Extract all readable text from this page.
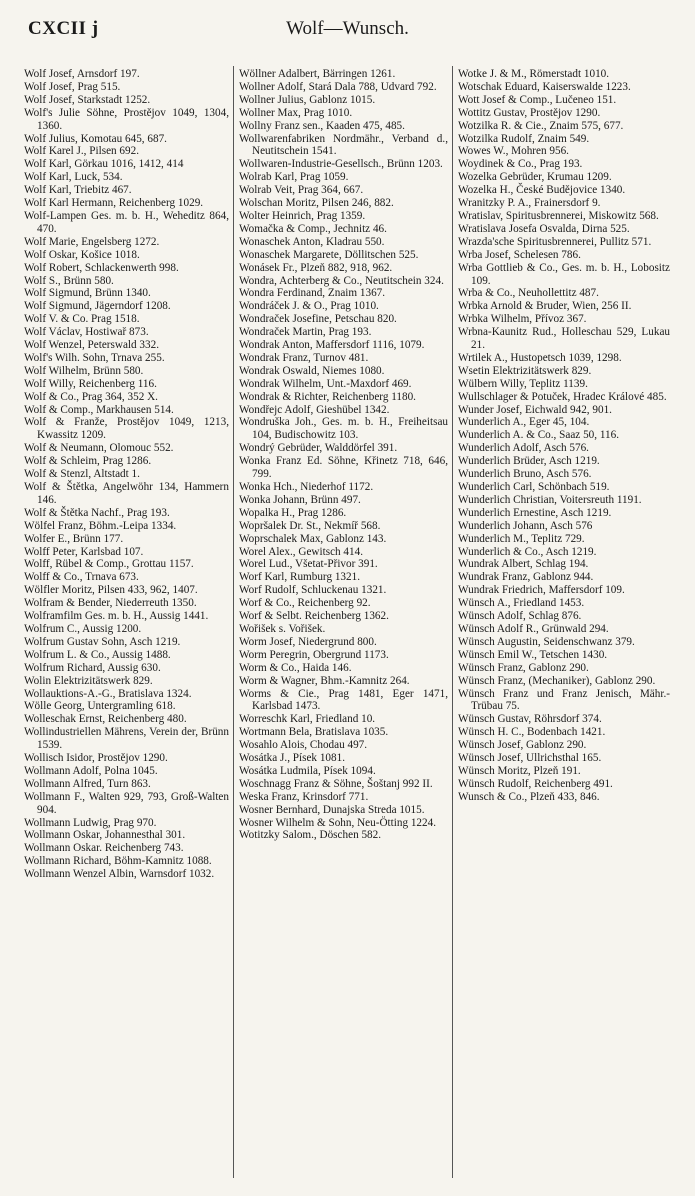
CXCII j	Wolf—Wunsch.
Wolf Josef, Arnsdorf 197.
Wolf Josef, Prag 515.
Wolf Josef, Starkstadt 1252.
Wolf's Julie Söhne, Prostějov 1049, 1304, 1360.
Wolf Julius, Komotau 645, 687.
Wolf Karel J., Pilsen 692.
Wolf Karl, Görkau 1016, 1412, 414
Wolf Karl, Luck, 534.
Wolf Karl, Triebitz 467.
Wolf Karl Hermann, Reichenberg 1029.
Wolf-Lampen Ges. m. b. H., Weheditz 864, 470.
Wolf Marie, Engelsberg 1272.
Wolf Oskar, Košice 1018.
Wolf Robert, Schlackenwerth 998.
Wolf S., Brünn 580.
Wolf Sigmund, Brünn 1340.
Wolf Sigmund, Jägerndorf 1208.
Wolf V. & Co. Prag 1518.
Wolf Václav, Hostiwař 873.
Wolf Wenzel, Peterswald 332.
Wolf's Wilh. Sohn, Trnava 255.
Wolf Wilhelm, Brünn 580.
Wolf Willy, Reichenberg 116.
Wolf & Co., Prag 364, 352 X.
Wolf & Comp., Markhausen 514.
Wolf & Franže, Prostějov 1049, 1213, Kwassitz 1209.
Wolf & Neumann, Olomouc 552.
Wolf & Schleim, Prag 1286.
Wolf & Stenzl, Altstadt 1.
Wolf & Štětka, Angelwöhr 134, Hammern 146.
Wolf & Štětka Nachf., Prag 193.
Wölfel Franz, Böhm.-Leipa 1334.
Wolfer E., Brünn 177.
Wolff Peter, Karlsbad 107.
Wolff, Rübel & Comp., Grottau 1157.
Wolff & Co., Trnava 673.
Wölfler Moritz, Pilsen 433, 962, 1407.
Wolfram & Bender, Niederreuth 1350.
Wolframfilm Ges. m. b. H., Aussig 1441.
Wolfrum C., Aussig 1200.
Wolfrum Gustav Sohn, Asch 1219.
Wolfrum L. & Co., Aussig 1488.
Wolfrum Richard, Aussig 630.
Wolin Elektrizitätswerk 829.
Wollauktions-A.-G., Bratislava 1324.
Wölle Georg, Untergramling 618.
Wolleschak Ernst, Reichenberg 480.
Wollindustriellen Mährens, Verein der, Brünn 1539.
Wollisch Isidor, Prostějov 1290.
Wollmann Adolf, Polna 1045.
Wollmann Alfred, Turn 863.
Wollmann F., Walten 929, 793, Groß-Walten 904.
Wollmann Ludwig, Prag 970.
Wollmann Oskar, Johannesthal 301.
Wollmann Oskar. Reichenberg 743.
Wollmann Richard, Böhm-Kamnitz 1088.
Wollmann Wenzel Albin, Warnsdorf 1032.
Wöllner Adalbert, Bärringen 1261.
Wollner Adolf, Stará Dala 788, Udvard 792.
Wollner Julius, Gablonz 1015.
Wollner Max, Prag 1010.
Wollny Franz sen., Kaaden 475, 485.
Wollwarenfabriken Nordmähr., Verband d., Neutitschein 1541.
Wollwaren-Industrie-Gesellsch., Brünn 1203.
Wolrab Karl, Prag 1059.
Wolrab Veit, Prag 364, 667.
Wolschan Moritz, Pilsen 246, 882.
Wolter Heinrich, Prag 1359.
Womačka & Comp., Jechnitz 46.
Wonaschek Anton, Kladrau 550.
Wonaschek Margarete, Döllitschen 525.
Wonásek Fr., Plzeň 882, 918, 962.
Wondra, Achterberg & Co., Neutitschein 324.
Wondra Ferdinand, Znaim 1367.
Wondráček J. & O., Prag 1010.
Wondraček Josefine, Petschau 820.
Wondraček Martin, Prag 193.
Wondrak Anton, Maffersdorf 1116, 1079.
Wondrak Franz, Turnov 481.
Wondrak Oswald, Niemes 1080.
Wondrak Wilhelm, Unt.-Maxdorf 469.
Wondrak & Richter, Reichenberg 1180.
Wondřejc Adolf, Gieshübel 1342.
Wondruška Joh., Ges. m. b. H., Freiheitsau 104, Budischowitz 103.
Wondrý Gebrüder, Walddörfel 391.
Wonka Franz Ed. Söhne, Křinetz 718, 646, 799.
Wonka Hch., Niederhof 1172.
Wonka Johann, Brünn 497.
Wopalka H., Prag 1286.
Wopršalek Dr. St., Nekmíř 568.
Woprschalek Max, Gablonz 143.
Worel Alex., Gewitsch 414.
Worel Lud., Všetat-Přivor 391.
Worf Karl, Rumburg 1321.
Worf Rudolf, Schluckenau 1321.
Worf & Co., Reichenberg 92.
Worf & Selbt. Reichenberg 1362.
Wořišek s. Vořišek.
Worm Josef, Niedergrund 800.
Worm Peregrin, Obergrund 1173.
Worm & Co., Haida 146.
Worm & Wagner, Bhm.-Kamnitz 264.
Worms & Cie., Prag 1481, Eger 1471, Karlsbad 1473.
Worreschk Karl, Friedland 10.
Wortmann Bela, Bratislava 1035.
Wosahlo Alois, Chodau 497.
Wosátka J., Písek 1081.
Wosátka Ludmila, Písek 1094.
Woschnagg Franz & Söhne, Šoštanj 992 II.
Weska Franz, Krinsdorf 771.
Wosner Bernhard, Dunajska Streda 1015.
Wosner Wilhelm & Sohn, Neu-Ötting 1224.
Wotitzky Salom., Döschen 582.
Wotke J. & M., Römerstadt 1010.
Wotschak Eduard, Kaiserswalde 1223.
Wott Josef & Comp., Lučeneo 151.
Wottitz Gustav, Prostějov 1290.
Wotzilka R. & Cie., Znaim 575, 677.
Wotzilka Rudolf, Znaim 549.
Wowes W., Mohren 956.
Woydinek & Co., Prag 193.
Wozelka Gebrüder, Krumau 1209.
Wozelka H., České Budějovice 1340.
Wranitzky P. A., Frainersdorf 9.
Wratislav, Spiritusbrennerei, Miskowitz 568.
Wratislava Josefa Osvalda, Dirna 525.
Wrazda'sche Spiritusbrennerei, Pullitz 571.
Wrba Josef, Schelesen 786.
Wrba Gottlieb & Co., Ges. m. b. H., Lobositz 109.
Wrba & Co., Neuhollettitz 487.
Wrbka Arnold & Bruder, Wien, 256 II.
Wrbka Wilhelm, Přívoz 367.
Wrbna-Kaunitz Rud., Holleschau 529, Lukau 21.
Wrtilek A., Hustopetsch 1039, 1298.
Wsetin Elektrizitätswerk 829.
Wülbern Willy, Teplitz 1139.
Wullschlager & Potuček, Hradec Králové 485.
Wunder Josef, Eichwald 942, 901.
Wunderlich A., Eger 45, 104.
Wunderlich A. & Co., Saaz 50, 116.
Wunderlich Adolf, Asch 576.
Wunderlich Brüder, Asch 1219.
Wunderlich Bruno, Asch 576.
Wunderlich Carl, Schönbach 519.
Wunderlich Christian, Voitersreuth 1191.
Wunderlich Ernestine, Asch 1219.
Wunderlich Johann, Asch 576
Wunderlich M., Teplitz 729.
Wunderlich & Co., Asch 1219.
Wundrak Albert, Schlag 194.
Wundrak Franz, Gablonz 944.
Wundrak Friedrich, Maffersdorf 109.
Wünsch A., Friedland 1453.
Wünsch Adolf, Schlag 876.
Wünsch Adolf R., Grünwald 294.
Wünsch Augustin, Seidenschwanz 379.
Wünsch Emil W., Tetschen 1430.
Wünsch Franz, Gablonz 290.
Wünsch Franz, (Mechaniker), Gablonz 290.
Wünsch Franz und Franz Jenisch, Mähr.-Trübau 75.
Wünsch Gustav, Röhrsdorf 374.
Wünsch H. C., Bodenbach 1421.
Wünsch Josef, Gablonz 290.
Wünsch Josef, Ullrichsthal 165.
Wünsch Moritz, Plzeň 191.
Wünsch Rudolf, Reichenberg 491.
Wunsch & Co., Plzeň 433, 846.
